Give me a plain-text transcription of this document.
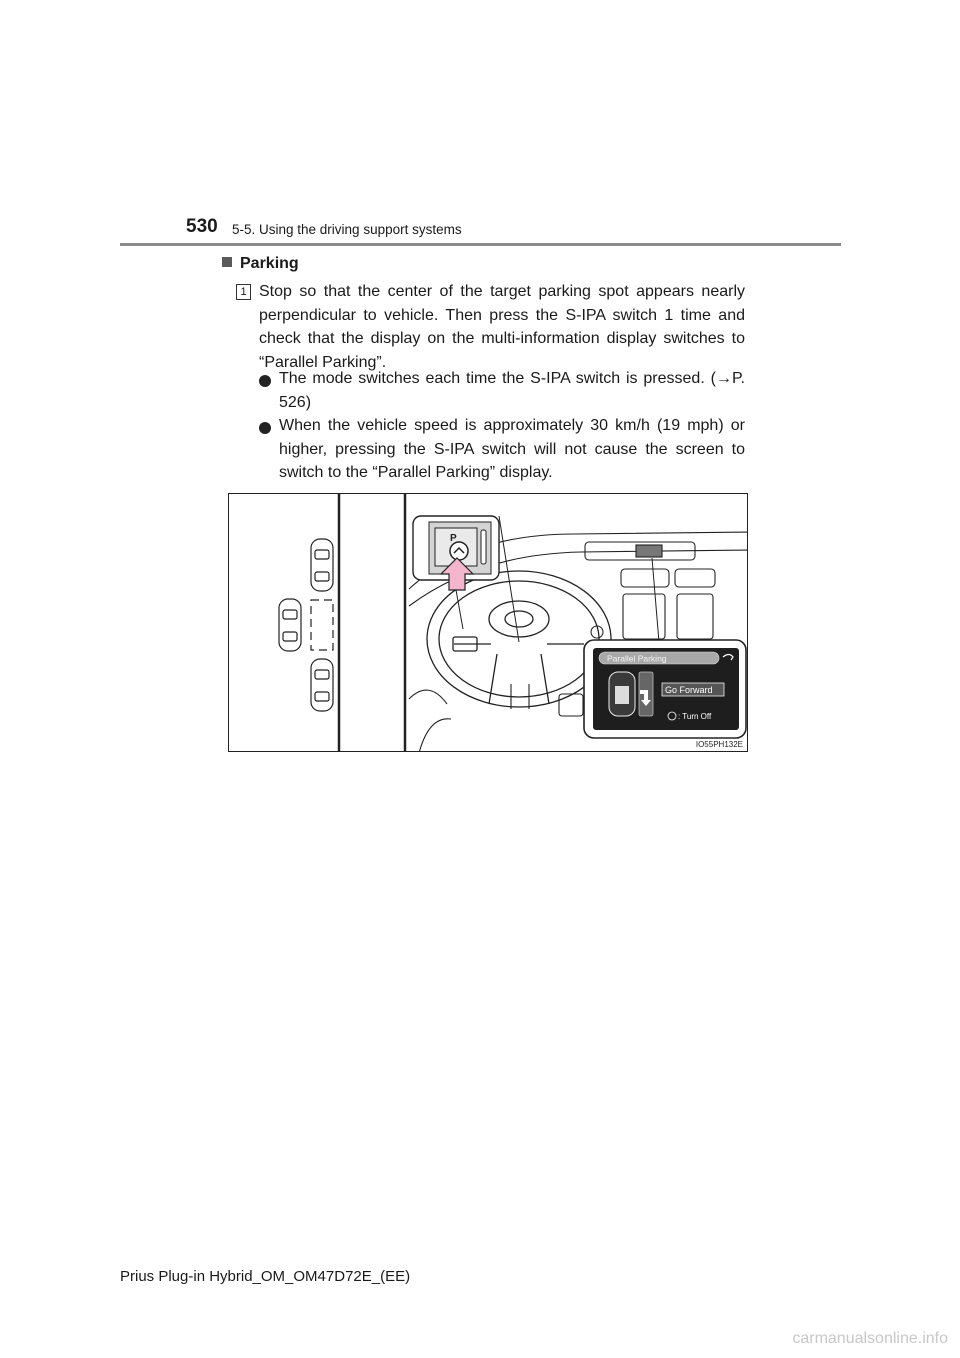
530 5-5. Using the driving support systems
Parking
1 Stop so that the center of the target parking spot appears nearly perpendicular to vehicle. Then press the S-IPA switch 1 time and check that the display on the multi-information display switches to “Parallel Parking”.
The mode switches each time the S-IPA switch is pressed. (→P. 526)
When the vehicle speed is approximately 30 km/h (19 mph) or higher, pressing the S-IPA switch will not cause the screen to switch to the “Parallel Parking” display.
P
Parallel Parking
Go Forward
: Turn Off
IO55PH132E
Prius Plug-in Hybrid_OM_OM47D72E_(EE)
carmanualsonline.info
